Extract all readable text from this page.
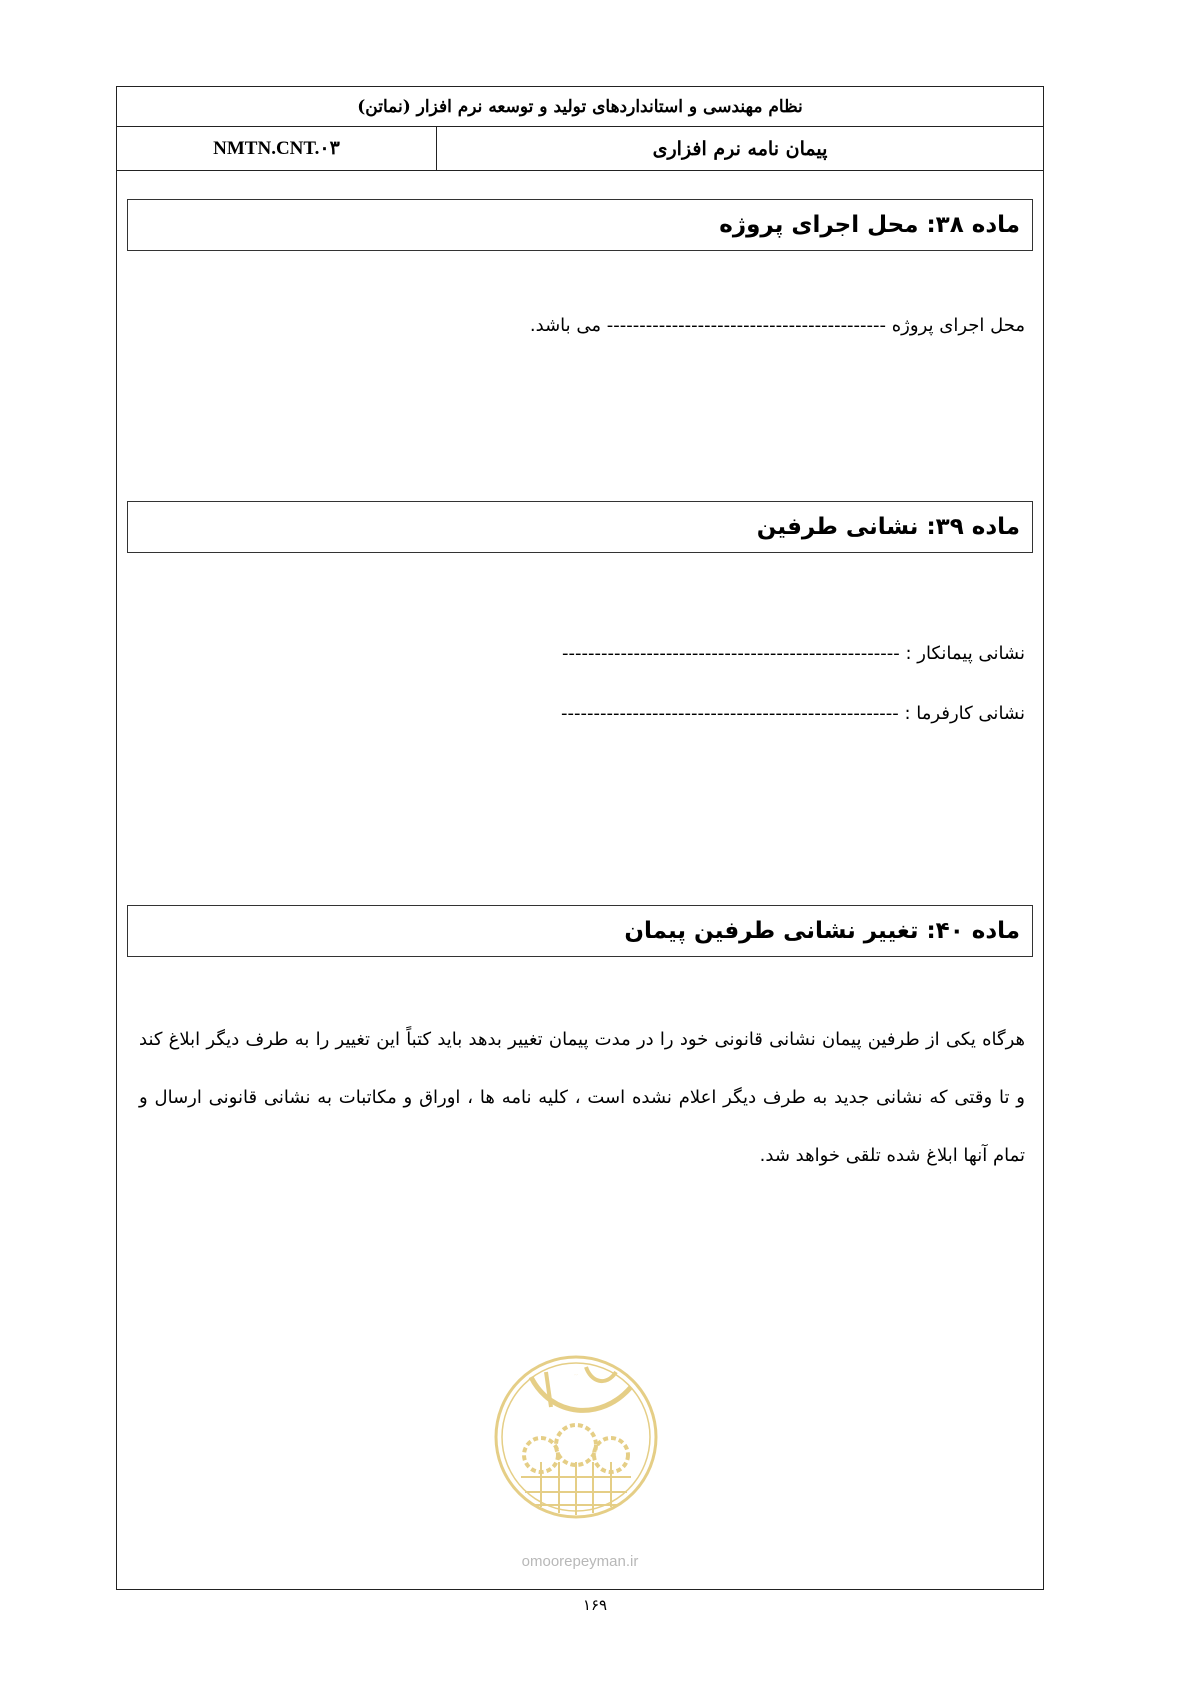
نظام مهندسی و استانداردهای تولید و توسعه نرم افزار (نماتن)
NMTN.CNT.۰۳	پیمان نامه نرم افزاری
ماده ۳۸: محل اجرای پروژه
محل اجرای پروژه ------------------------------------------- می باشد.
ماده ۳۹: نشانی طرفین
نشانی پیمانکار : ----------------------------------------------------
نشانی کارفرما : ----------------------------------------------------
ماده ۴۰: تغییر نشانی طرفین پیمان
هرگاه یکی از طرفین پیمان نشانی قانونی خود را در مدت پیمان تغییر بدهد باید کتباً این تغییر را به طرف دیگر ابلاغ کند و تا وقتی که نشانی جدید به طرف دیگر اعلام نشده است ، کلیه نامه ها ، اوراق و مکاتبات به نشانی قانونی ارسال و تمام آنها ابلاغ شده تلقی خواهد شد.
امورپیمان
omoorepeyman.ir
۱۶۹
